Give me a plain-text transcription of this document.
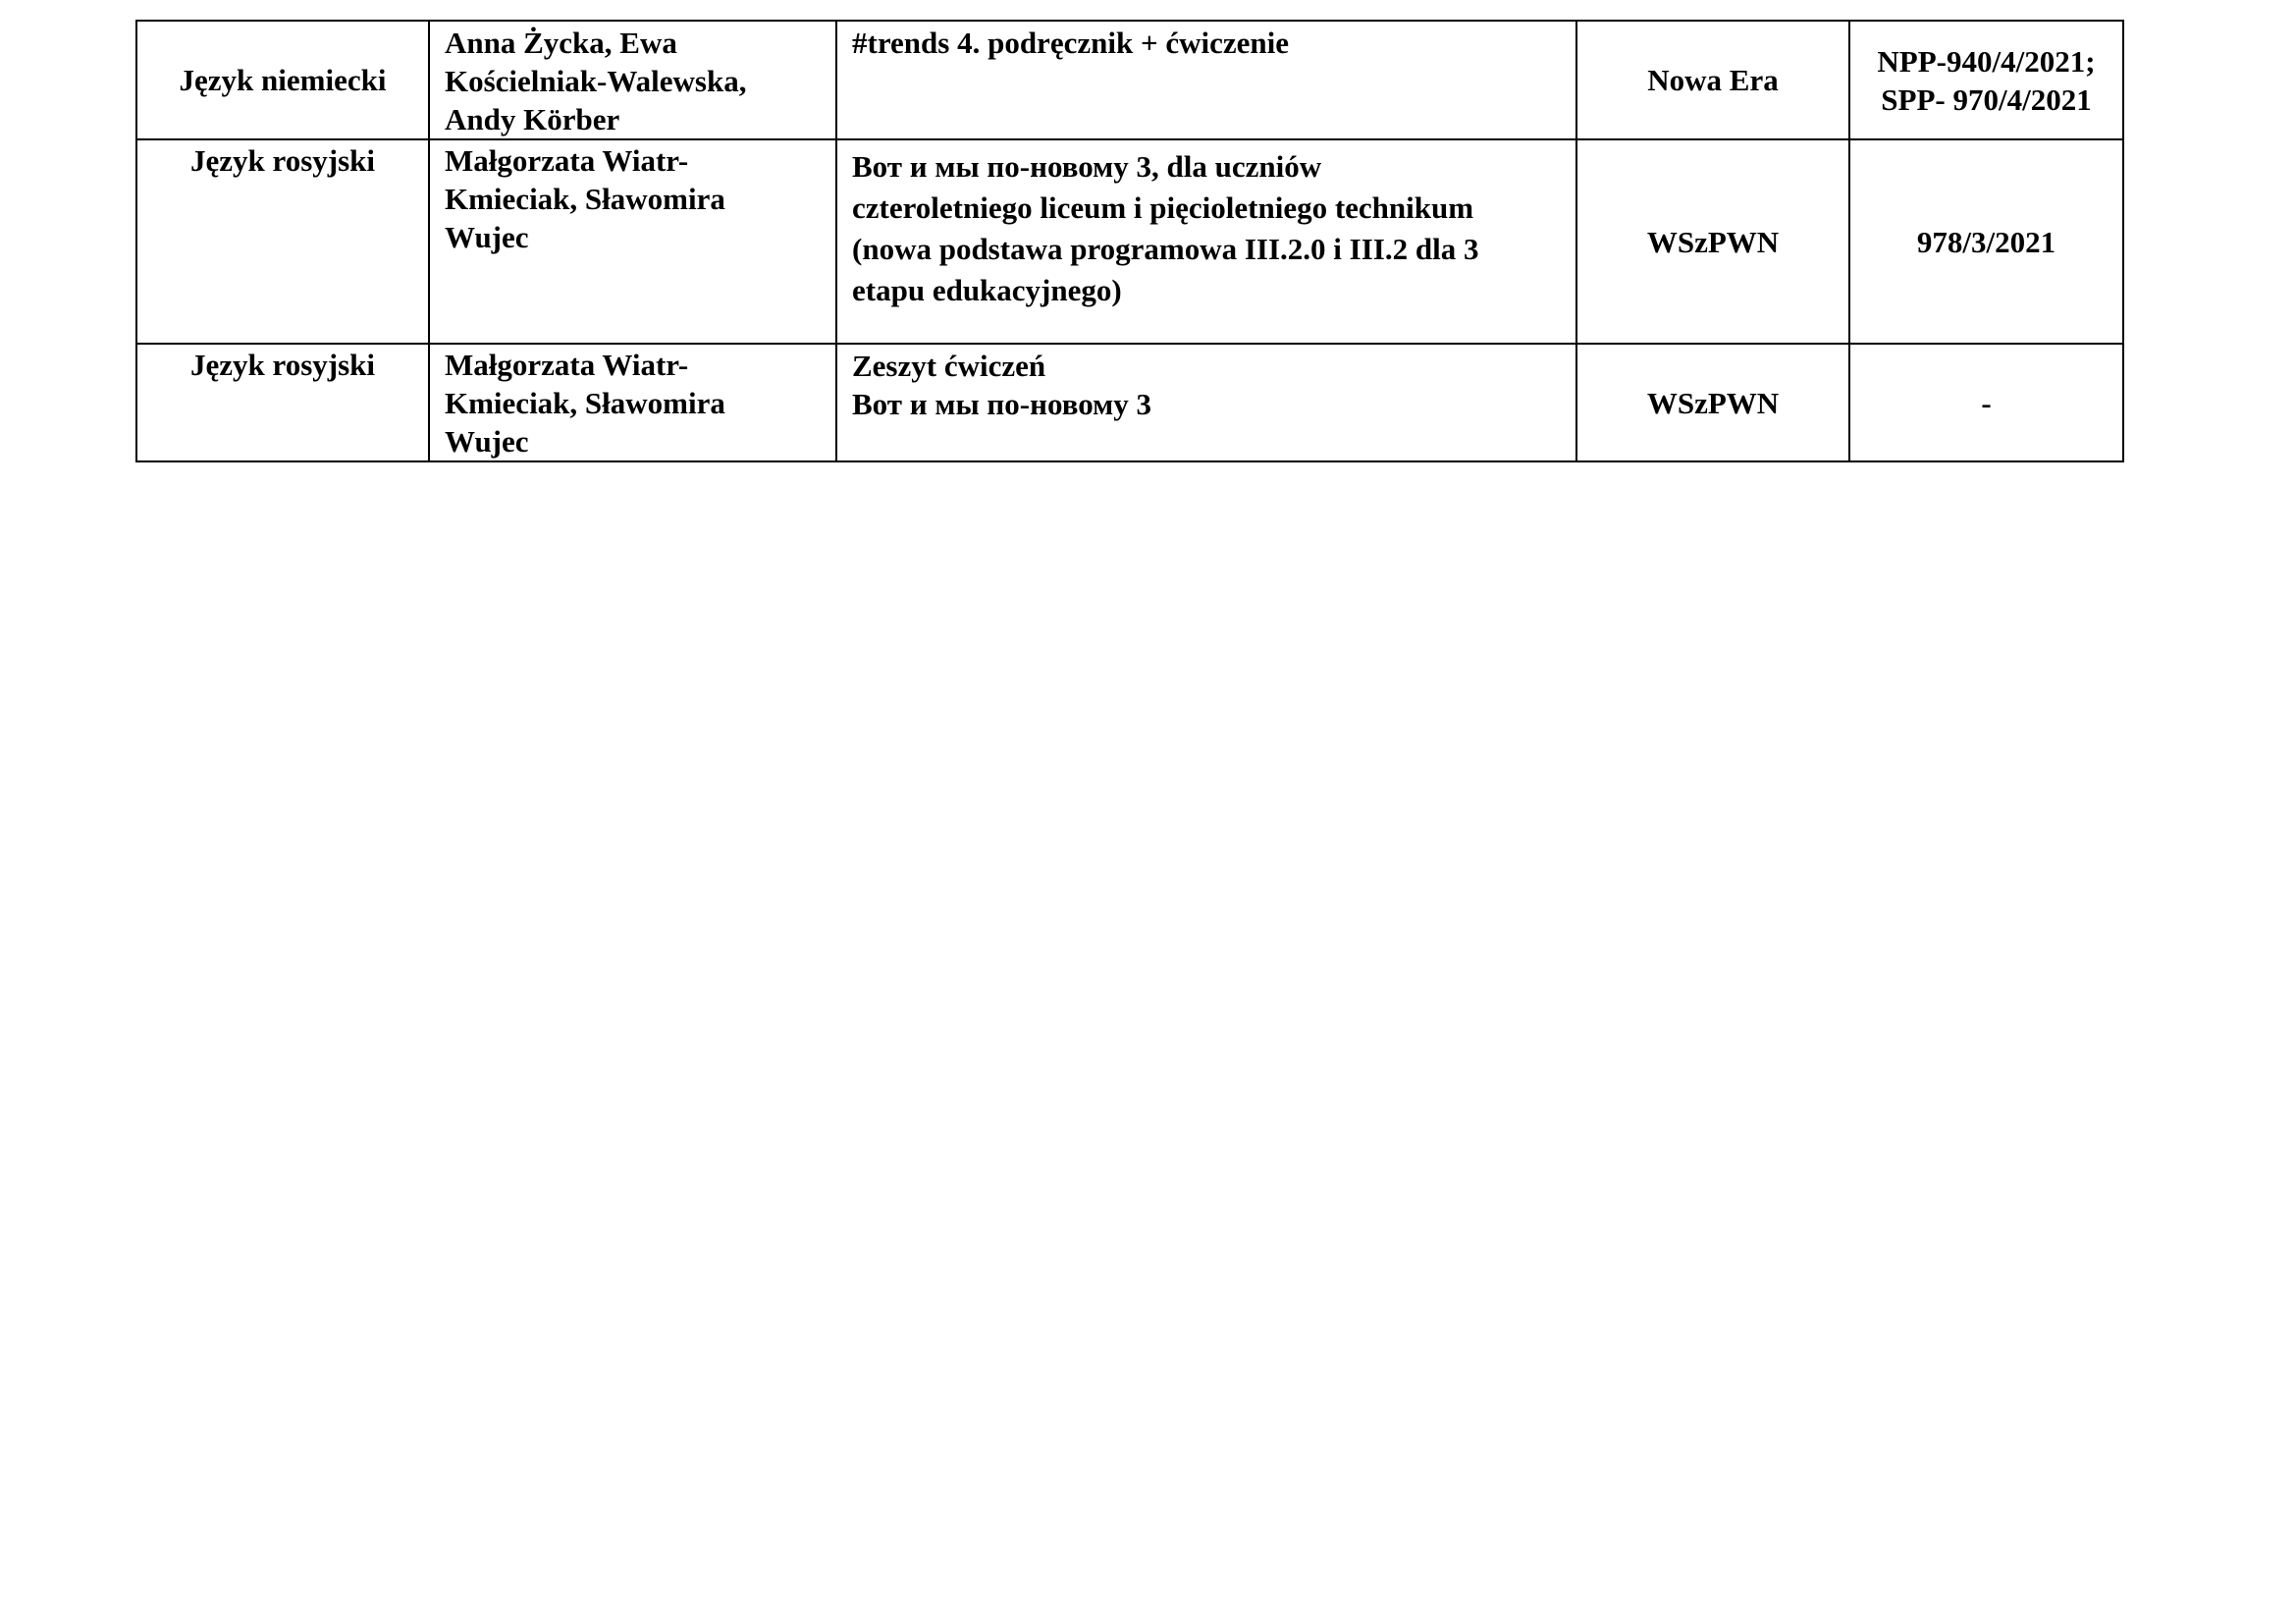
Język niemiecki	Anna Życka, Ewa
Kościelniak-Walewska,
Andy Körber	#trends 4. podręcznik + ćwiczenie	Nowa Era	NPP-940/4/2021;
SPP- 970/4/2021

Język rosyjski	Małgorzata Wiatr-
Kmieciak, Sławomira
Wujec	Вот и мы по-новому 3, dla uczniów
czteroletniego liceum i pięcioletniego technikum
(nowa podstawa programowa III.2.0 i III.2 dla 3
etapu edukacyjnego)	WSzPWN	978/3/2021

Język rosyjski	Małgorzata Wiatr-
Kmieciak, Sławomira
Wujec	Zeszyt ćwiczeń
Вот и мы по-новому 3	WSzPWN	-
